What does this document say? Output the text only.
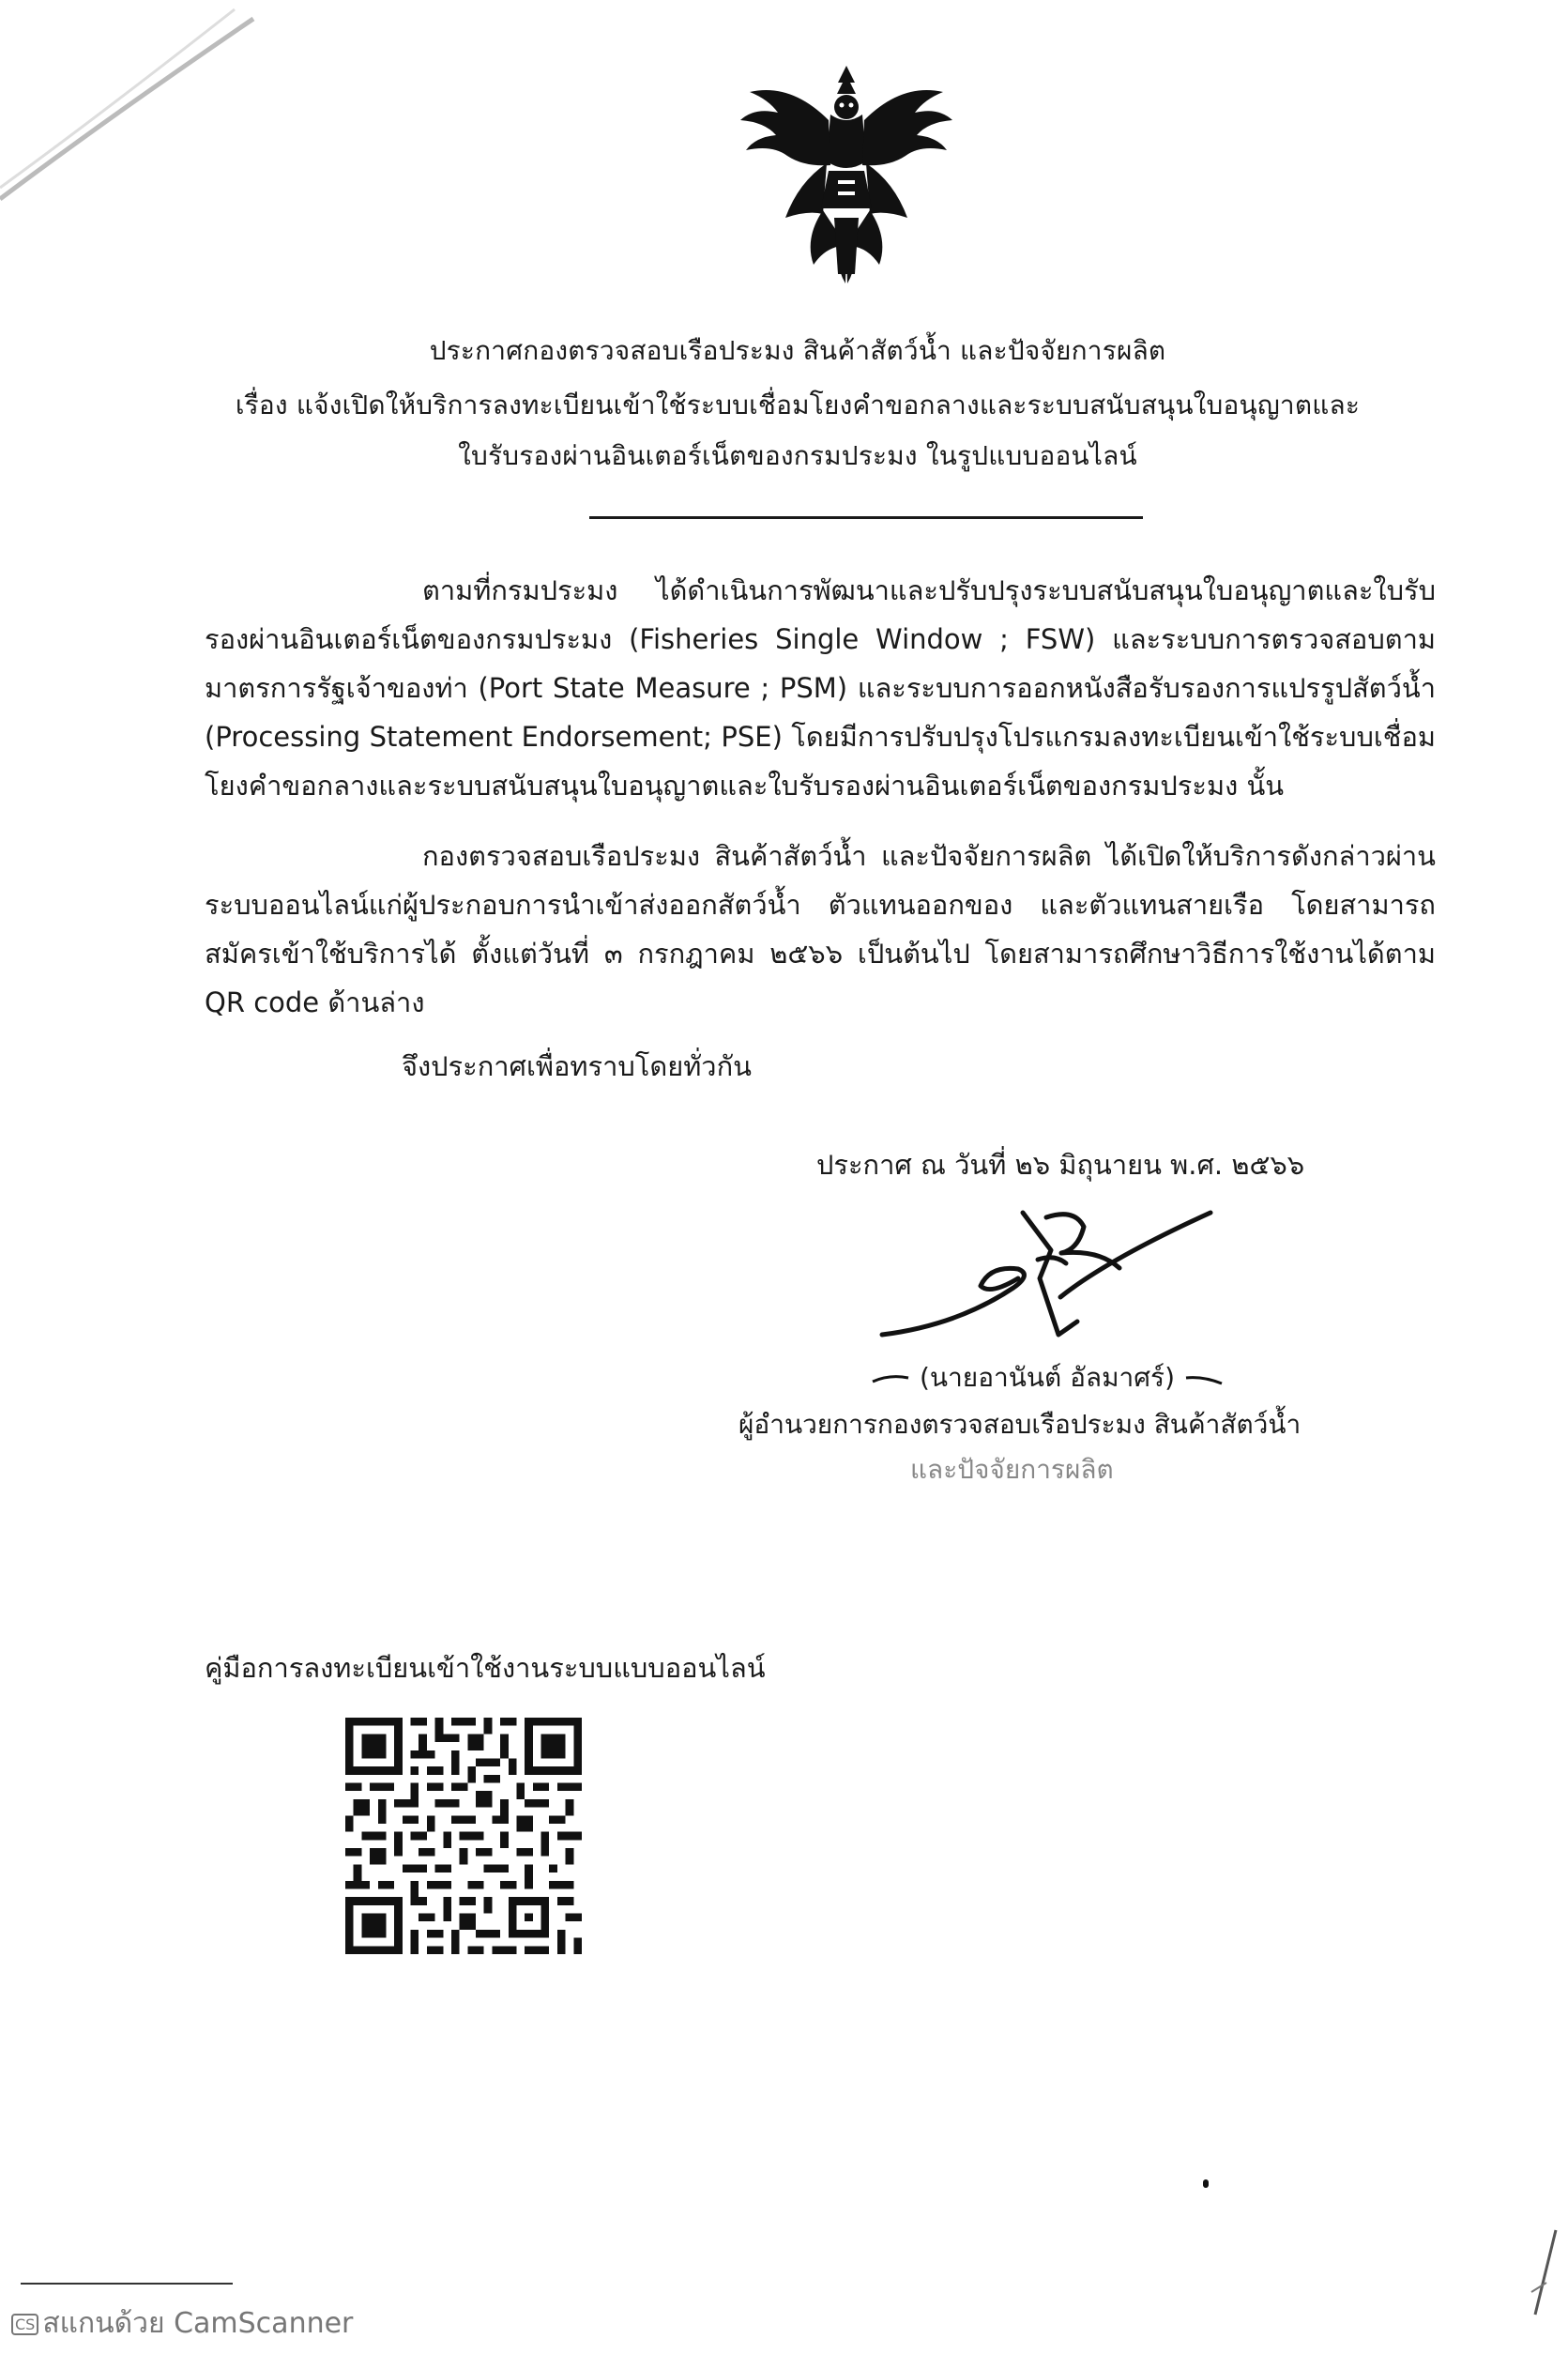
ประกาศกองตรวจสอบเรือประมง สินค้าสัตว์น้ำ และปัจจัยการผลิต
เรื่อง แจ้งเปิดให้บริการลงทะเบียนเข้าใช้ระบบเชื่อมโยงคำขอกลางและระบบสนับสนุนใบอนุญาตและ
ใบรับรองผ่านอินเตอร์เน็ตของกรมประมง ในรูปแบบออนไลน์
ตามที่กรมประมง ได้ดำเนินการพัฒนาและปรับปรุงระบบสนับสนุนใบอนุญาตและใบรับรองผ่านอินเตอร์เน็ตของกรมประมง (Fisheries Single Window ; FSW) และระบบการตรวจสอบตามมาตรการรัฐเจ้าของท่า (Port State Measure ; PSM) และระบบการออกหนังสือรับรองการแปรรูปสัตว์น้ำ (Processing Statement Endorsement; PSE) โดยมีการปรับปรุงโปรแกรมลงทะเบียนเข้าใช้ระบบเชื่อมโยงคำขอกลางและระบบสนับสนุนใบอนุญาตและใบรับรองผ่านอินเตอร์เน็ตของกรมประมง นั้น
กองตรวจสอบเรือประมง สินค้าสัตว์น้ำ และปัจจัยการผลิต ได้เปิดให้บริการดังกล่าวผ่านระบบออนไลน์แก่ผู้ประกอบการนำเข้าส่งออกสัตว์น้ำ ตัวแทนออกของ และตัวแทนสายเรือ โดยสามารถสมัครเข้าใช้บริการได้ ตั้งแต่วันที่ ๓ กรกฎาคม ๒๕๖๖ เป็นต้นไป โดยสามารถศึกษาวิธีการใช้งานได้ตาม QR code ด้านล่าง
จึงประกาศเพื่อทราบโดยทั่วกัน
ประกาศ ณ วันที่ ๒๖ มิถุนายน พ.ศ. ๒๕๖๖
(นายอานันต์ อัลมาศร์)
ผู้อำนวยการกองตรวจสอบเรือประมง สินค้าสัตว์น้ำ
และปัจจัยการผลิต
คู่มือการลงทะเบียนเข้าใช้งานระบบแบบออนไลน์
CS สแกนด้วย CamScanner
